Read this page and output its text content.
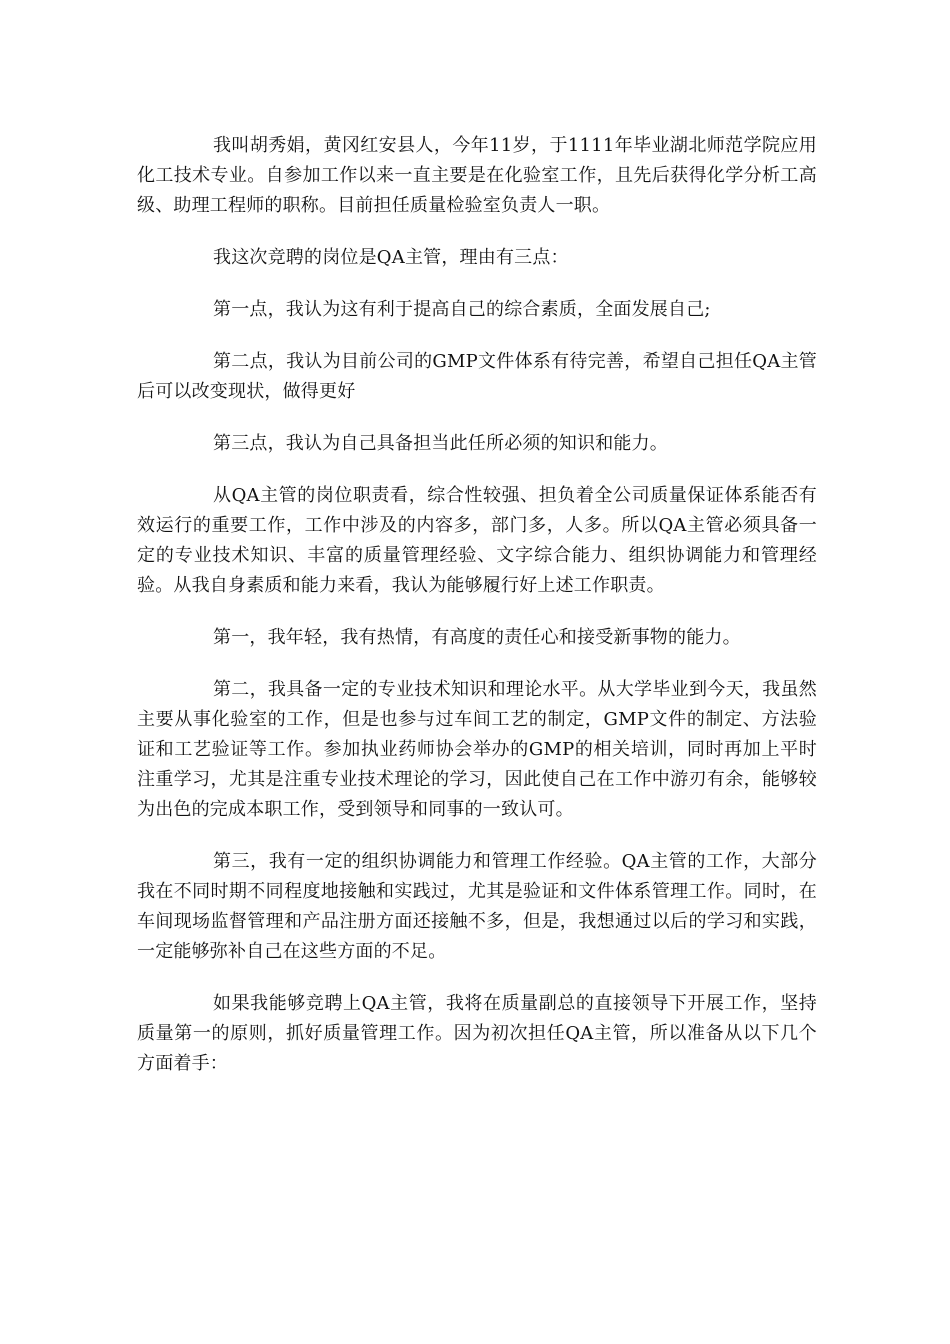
我叫胡秀娟，黄冈红安县人，今年11岁，于1111年毕业湖北师范学院应用化工技术专业。自参加工作以来一直主要是在化验室工作，且先后获得化学分析工高级、助理工程师的职称。目前担任质量检验室负责人一职。

我这次竞聘的岗位是QA主管，理由有三点：

第一点，我认为这有利于提高自己的综合素质，全面发展自己;

第二点，我认为目前公司的GMP文件体系有待完善，希望自己担任QA主管后可以改变现状，做得更好

第三点，我认为自己具备担当此任所必须的知识和能力。

从QA主管的岗位职责看，综合性较强、担负着全公司质量保证体系能否有效运行的重要工作，工作中涉及的内容多，部门多，人多。所以QA主管必须具备一定的专业技术知识、丰富的质量管理经验、文字综合能力、组织协调能力和管理经验。从我自身素质和能力来看，我认为能够履行好上述工作职责。

第一，我年轻，我有热情，有高度的责任心和接受新事物的能力。

第二，我具备一定的专业技术知识和理论水平。从大学毕业到今天，我虽然主要从事化验室的工作，但是也参与过车间工艺的制定，GMP文件的制定、方法验证和工艺验证等工作。参加执业药师协会举办的GMP的相关培训，同时再加上平时注重学习，尤其是注重专业技术理论的学习，因此使自己在工作中游刃有余，能够较为出色的完成本职工作，受到领导和同事的一致认可。

第三，我有一定的组织协调能力和管理工作经验。QA主管的工作，大部分我在不同时期不同程度地接触和实践过，尤其是验证和文件体系管理工作。同时，在车间现场监督管理和产品注册方面还接触不多，但是，我想通过以后的学习和实践，一定能够弥补自己在这些方面的不足。

如果我能够竞聘上QA主管，我将在质量副总的直接领导下开展工作，坚持质量第一的原则，抓好质量管理工作。因为初次担任QA主管，所以准备从以下几个方面着手：
